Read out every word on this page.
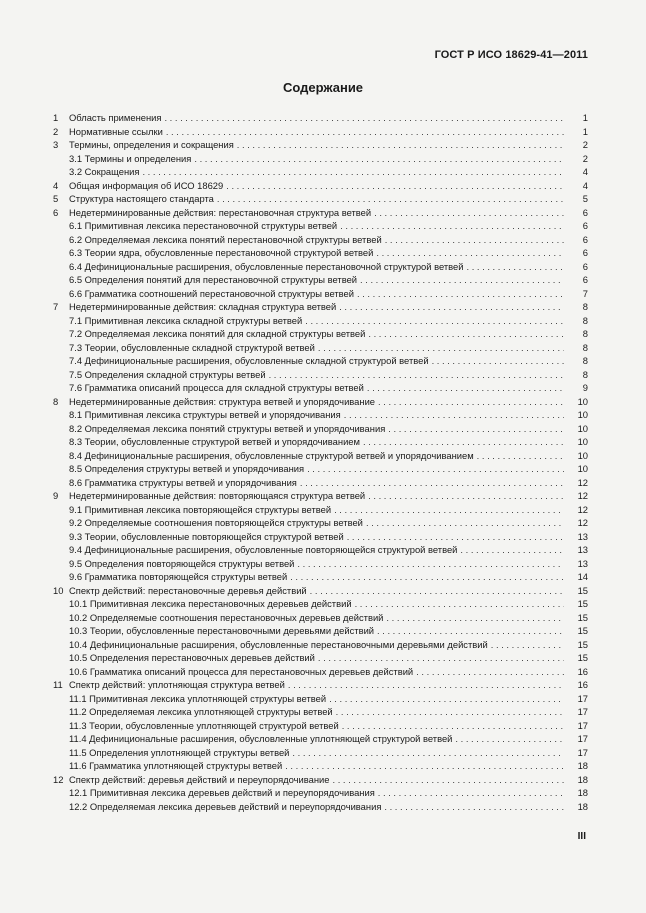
ГОСТ Р ИСО 18629-41—2011
Содержание
1	Область применения . . .	1
2	Нормативные ссылки . . .	1
3	Термины, определения и сокращения . . .	2
3.1 Термины и определения . . .	2
3.2 Сокращения . . .	4
4	Общая информация об ИСО 18629 . . .	4
5	Структура настоящего стандарта . . .	5
6	Недетерминированные действия: перестановочная структура ветвей . . .	6
6.1 Примитивная лексика перестановочной структуры ветвей . . .	6
6.2 Определяемая лексика понятий перестановочной структуры ветвей . . .	6
6.3 Теории ядра, обусловленные перестановочной структурой ветвей . . .	6
6.4 Дефинициональные расширения, обусловленные перестановочной структурой ветвей . . .	6
6.5 Определения понятий для перестановочной структуры ветвей . . .	6
6.6 Грамматика соотношений перестановочной структуры ветвей . . .	7
7	Недетерминированные действия: складная структура ветвей . . .	8
7.1 Примитивная лексика складной структуры ветвей . . .	8
7.2 Определяемая лексика понятий для складной структуры ветвей . . .	8
7.3 Теории, обусловленные складной структурой ветвей . . .	8
7.4 Дефинициональные расширения, обусловленные складной структурой ветвей . . .	8
7.5 Определения складной структуры ветвей . . .	8
7.6 Грамматика описаний процесса для складной структуры ветвей . . .	9
8	Недетерминированные действия: структура ветвей и упорядочивание . . .	10
8.1 Примитивная лексика структуры ветвей и упорядочивания . . .	10
8.2 Определяемая лексика понятий структуры ветвей и упорядочивания . . .	10
8.3 Теории, обусловленные структурой ветвей и упорядочиванием . . .	10
8.4 Дефинициональные расширения, обусловленные структурой ветвей и упорядочиванием . . .	10
8.5 Определения структуры ветвей и упорядочивания . . .	10
8.6 Грамматика структуры ветвей и упорядочивания . . .	12
9	Недетерминированные действия: повторяющаяся структура ветвей . . .	12
9.1 Примитивная лексика повторяющейся структуры ветвей . . .	12
9.2 Определяемые соотношения повторяющейся структуры ветвей . . .	12
9.3 Теории, обусловленные повторяющейся структурой ветвей . . .	13
9.4 Дефинициональные расширения, обусловленные повторяющейся структурой ветвей . . .	13
9.5 Определения повторяющейся структуры ветвей . . .	13
9.6 Грамматика повторяющейся структуры ветвей . . .	14
10 Спектр действий: перестановочные деревья действий . . .	15
10.1 Примитивная лексика перестановочных деревьев действий . . .	15
10.2 Определяемые соотношения перестановочных деревьев действий . . .	15
10.3 Теории, обусловленные перестановочными деревьями действий . . .	15
10.4 Дефинициональные расширения, обусловленные перестановочными деревьями действий . . .	15
10.5 Определения перестановочных деревьев действий . . .	15
10.6 Грамматика описаний процесса для перестановочных деревьев действий . . .	16
11 Спектр действий: уплотняющая структура ветвей . . .	16
11.1 Примитивная лексика уплотняющей структуры ветвей . . .	17
11.2 Определяемая лексика уплотняющей структуры ветвей . . .	17
11.3 Теории, обусловленные уплотняющей структурой ветвей . . .	17
11.4 Дефинициональные расширения, обусловленные уплотняющей структурой ветвей . . .	17
11.5 Определения уплотняющей структуры ветвей . . .	17
11.6 Грамматика уплотняющей структуры ветвей . . .	18
12 Спектр действий: деревья действий и переупорядочивание . . .	18
12.1 Примитивная лексика деревьев действий и переупорядочивания . . .	18
12.2 Определяемая лексика деревьев действий и переупорядочивания . . .	18
III
